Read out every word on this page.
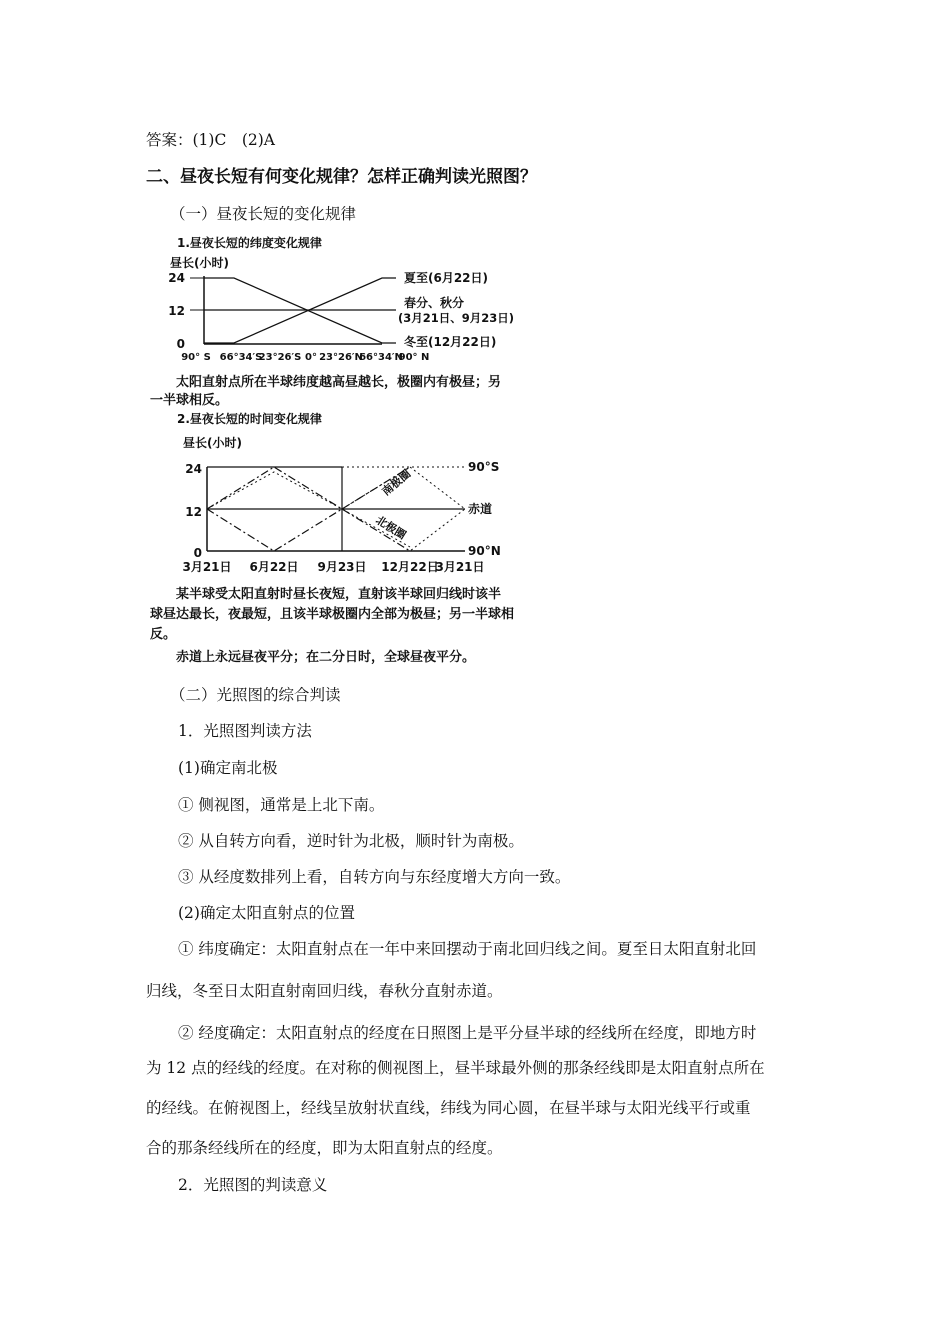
答案：(1)C　(2)A
二、昼夜长短有何变化规律？怎样正确判读光照图？
（一）昼夜长短的变化规律
1.昼夜长短的纬度变化规律
昼长(小时)
24
12
0
夏至(6月22日)
春分、秋分
(3月21日、9月23日)
冬至(12月22日)
90° S 66°34′S
23°26′S 0° 23°26′N
66°34′N
90° N
太阳直射点所在半球纬度越高昼越长，极圈内有极昼；另
一半球相反。
2.昼夜长短的时间变化规律
昼长(小时)
24
12
0
90°S
赤道
90°N
南极圈
北极圈
3月21日 6月22日 9月23日 12月22日
3月21日
某半球受太阳直射时昼长夜短，直射该半球回归线时该半
球昼达最长，夜最短，且该半球极圈内全部为极昼；另一半球相
反。
赤道上永远昼夜平分；在二分日时，全球昼夜平分。
（二）光照图的综合判读
1．光照图判读方法
(1)确定南北极
① 侧视图，通常是上北下南。
② 从自转方向看，逆时针为北极，顺时针为南极。
③ 从经度数排列上看，自转方向与东经度增大方向一致。
(2)确定太阳直射点的位置
① 纬度确定：太阳直射点在一年中来回摆动于南北回归线之间。夏至日太阳直射北回
归线，冬至日太阳直射南回归线，春秋分直射赤道。
② 经度确定：太阳直射点的经度在日照图上是平分昼半球的经线所在经度，即地方时
为 12 点的经线的经度。在对称的侧视图上，昼半球最外侧的那条经线即是太阳直射点所在
的经线。在俯视图上，经线呈放射状直线，纬线为同心圆，在昼半球与太阳光线平行或重
合的那条经线所在的经度，即为太阳直射点的经度。
2．光照图的判读意义
